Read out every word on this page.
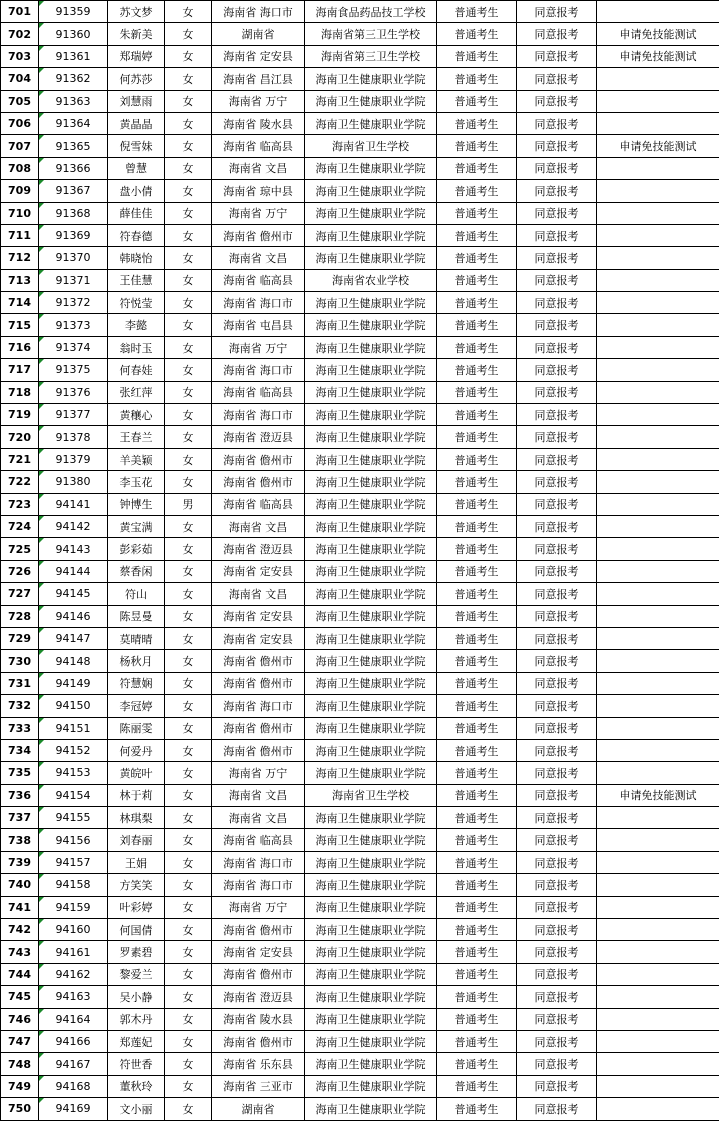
701	91359	苏文梦	女	海南省 海口市	海南食品药品技工学校	普通考生	同意报考	
702	91360	朱新美	女	湖南省	海南省第三卫生学校	普通考生	同意报考	申请免技能测试
703	91361	郑瑞婷	女	海南省 定安县	海南省第三卫生学校	普通考生	同意报考	申请免技能测试
704	91362	何苏莎	女	海南省 昌江县	海南卫生健康职业学院	普通考生	同意报考	
705	91363	刘慧雨	女	海南省 万宁	海南卫生健康职业学院	普通考生	同意报考	
706	91364	黄晶晶	女	海南省 陵水县	海南卫生健康职业学院	普通考生	同意报考	
707	91365	倪雪妹	女	海南省 临高县	海南省卫生学校	普通考生	同意报考	申请免技能测试
708	91366	曾慧	女	海南省 文昌	海南卫生健康职业学院	普通考生	同意报考	
709	91367	盘小倩	女	海南省 琼中县	海南卫生健康职业学院	普通考生	同意报考	
710	91368	薛佳佳	女	海南省 万宁	海南卫生健康职业学院	普通考生	同意报考	
711	91369	符春德	女	海南省 儋州市	海南卫生健康职业学院	普通考生	同意报考	
712	91370	韩晓怡	女	海南省 文昌	海南卫生健康职业学院	普通考生	同意报考	
713	91371	王佳慧	女	海南省 临高县	海南省农业学校	普通考生	同意报考	
714	91372	符悦莹	女	海南省 海口市	海南卫生健康职业学院	普通考生	同意报考	
715	91373	李懿	女	海南省 屯昌县	海南卫生健康职业学院	普通考生	同意报考	
716	91374	翁时玉	女	海南省 万宁	海南卫生健康职业学院	普通考生	同意报考	
717	91375	何春娃	女	海南省 海口市	海南卫生健康职业学院	普通考生	同意报考	
718	91376	张红萍	女	海南省 临高县	海南卫生健康职业学院	普通考生	同意报考	
719	91377	黄穰心	女	海南省 海口市	海南卫生健康职业学院	普通考生	同意报考	
720	91378	王春兰	女	海南省 澄迈县	海南卫生健康职业学院	普通考生	同意报考	
721	91379	羊美颖	女	海南省 儋州市	海南卫生健康职业学院	普通考生	同意报考	
722	91380	李玉花	女	海南省 儋州市	海南卫生健康职业学院	普通考生	同意报考	
723	94141	钟博生	男	海南省 临高县	海南卫生健康职业学院	普通考生	同意报考	
724	94142	黄宝满	女	海南省 文昌	海南卫生健康职业学院	普通考生	同意报考	
725	94143	彭彩茹	女	海南省 澄迈县	海南卫生健康职业学院	普通考生	同意报考	
726	94144	蔡香闲	女	海南省 定安县	海南卫生健康职业学院	普通考生	同意报考	
727	94145	符山	女	海南省 文昌	海南卫生健康职业学院	普通考生	同意报考	
728	94146	陈昱曼	女	海南省 定安县	海南卫生健康职业学院	普通考生	同意报考	
729	94147	莫晴晴	女	海南省 定安县	海南卫生健康职业学院	普通考生	同意报考	
730	94148	杨秋月	女	海南省 儋州市	海南卫生健康职业学院	普通考生	同意报考	
731	94149	符慧娴	女	海南省 儋州市	海南卫生健康职业学院	普通考生	同意报考	
732	94150	李冠婷	女	海南省 海口市	海南卫生健康职业学院	普通考生	同意报考	
733	94151	陈丽雯	女	海南省 儋州市	海南卫生健康职业学院	普通考生	同意报考	
734	94152	何爱丹	女	海南省 儋州市	海南卫生健康职业学院	普通考生	同意报考	
735	94153	黄皖叶	女	海南省 万宁	海南卫生健康职业学院	普通考生	同意报考	
736	94154	林于莉	女	海南省 文昌	海南省卫生学校	普通考生	同意报考	申请免技能测试
737	94155	林琪梨	女	海南省 文昌	海南卫生健康职业学院	普通考生	同意报考	
738	94156	刘春丽	女	海南省 临高县	海南卫生健康职业学院	普通考生	同意报考	
739	94157	王娟	女	海南省 海口市	海南卫生健康职业学院	普通考生	同意报考	
740	94158	方笑笑	女	海南省 海口市	海南卫生健康职业学院	普通考生	同意报考	
741	94159	叶彩婷	女	海南省 万宁	海南卫生健康职业学院	普通考生	同意报考	
742	94160	何国倩	女	海南省 儋州市	海南卫生健康职业学院	普通考生	同意报考	
743	94161	罗素碧	女	海南省 定安县	海南卫生健康职业学院	普通考生	同意报考	
744	94162	黎爱兰	女	海南省 儋州市	海南卫生健康职业学院	普通考生	同意报考	
745	94163	吴小静	女	海南省 澄迈县	海南卫生健康职业学院	普通考生	同意报考	
746	94164	郭木丹	女	海南省 陵水县	海南卫生健康职业学院	普通考生	同意报考	
747	94166	郑莲妃	女	海南省 儋州市	海南卫生健康职业学院	普通考生	同意报考	
748	94167	符世香	女	海南省 乐东县	海南卫生健康职业学院	普通考生	同意报考	
749	94168	董秋玲	女	海南省 三亚市	海南卫生健康职业学院	普通考生	同意报考	
750	94169	文小丽	女	湖南省	海南卫生健康职业学院	普通考生	同意报考	
